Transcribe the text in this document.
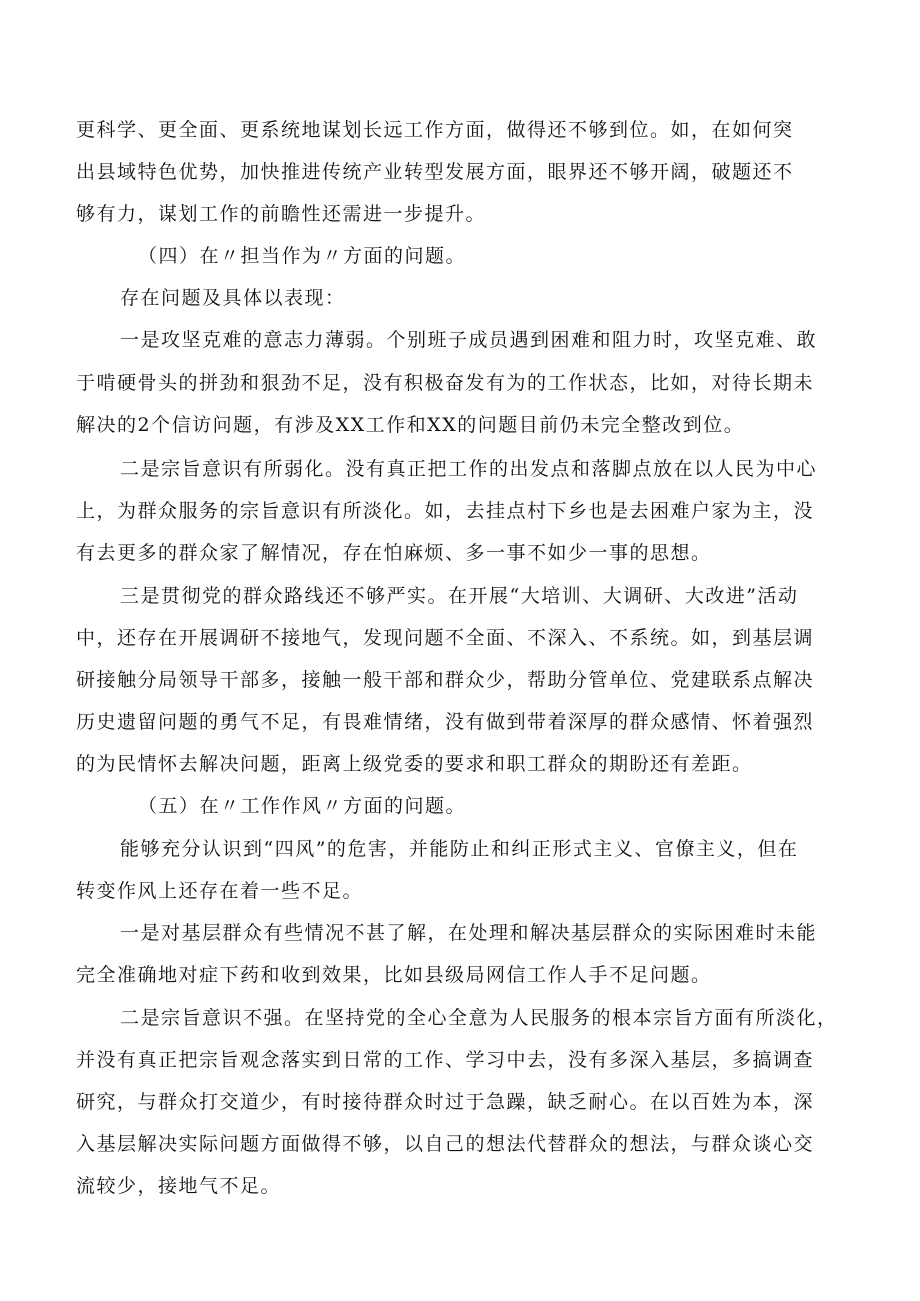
更科学、更全面、更系统地谋划长远工作方面，做得还不够到位。如，在如何突
出县域特色优势，加快推进传统产业转型发展方面，眼界还不够开阔，破题还不
够有力，谋划工作的前瞻性还需进一步提升。
（四）在〃担当作为〃方面的问题。
存在问题及具体以表现：
一是攻坚克难的意志力薄弱。个别班子成员遇到困难和阻力时，攻坚克难、敢
于啃硬骨头的拼劲和狠劲不足，没有积极奋发有为的工作状态，比如，对待长期未
解决的2个信访问题，有涉及XX工作和XX的问题目前仍未完全整改到位。
二是宗旨意识有所弱化。没有真正把工作的出发点和落脚点放在以人民为中心
上，为群众服务的宗旨意识有所淡化。如，去挂点村下乡也是去困难户家为主，没
有去更多的群众家了解情况，存在怕麻烦、多一事不如少一事的思想。
三是贯彻党的群众路线还不够严实。在开展“大培训、大调研、大改进”活动
中，还存在开展调研不接地气，发现问题不全面、不深入、不系统。如，到基层调
研接触分局领导干部多，接触一般干部和群众少，帮助分管单位、党建联系点解决
历史遗留问题的勇气不足，有畏难情绪，没有做到带着深厚的群众感情、怀着强烈
的为民情怀去解决问题，距离上级党委的要求和职工群众的期盼还有差距。
（五）在〃工作作风〃方面的问题。
能够充分认识到“四风”的危害，并能防止和纠正形式主义、官僚主义，但在
转变作风上还存在着一些不足。
一是对基层群众有些情况不甚了解，在处理和解决基层群众的实际困难时未能
完全准确地对症下药和收到效果，比如县级局网信工作人手不足问题。
二是宗旨意识不强。在坚持党的全心全意为人民服务的根本宗旨方面有所淡化，
并没有真正把宗旨观念落实到日常的工作、学习中去，没有多深入基层，多搞调查
研究，与群众打交道少，有时接待群众时过于急躁，缺乏耐心。在以百姓为本，深
入基层解决实际问题方面做得不够，以自己的想法代替群众的想法，与群众谈心交
流较少，接地气不足。
